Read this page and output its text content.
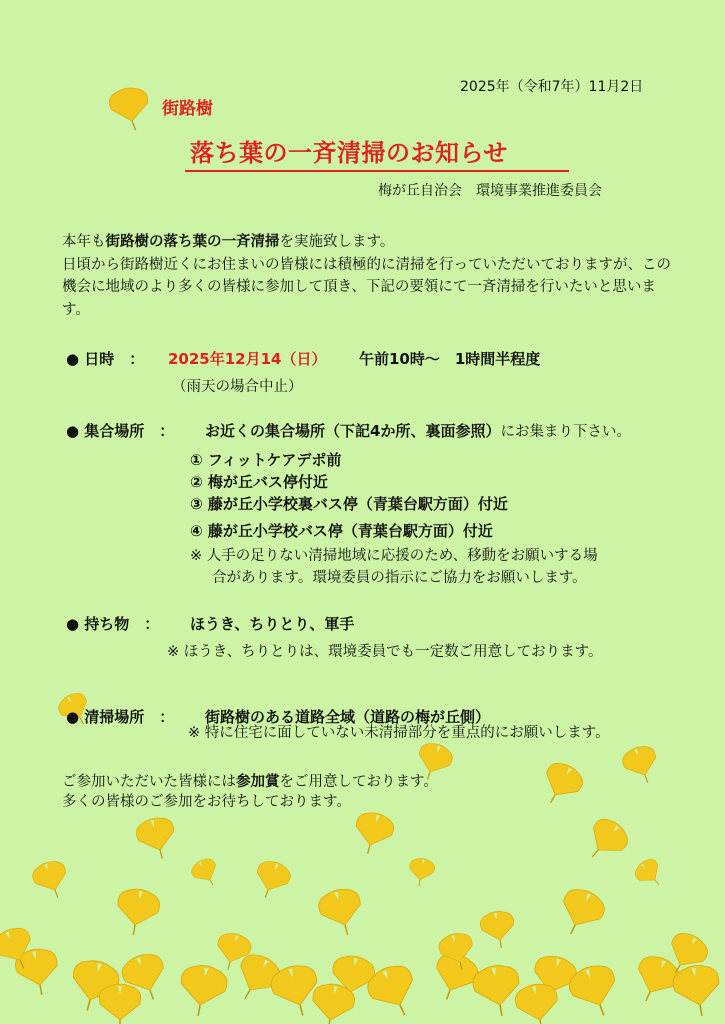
2025年（令和7年）11月2日
街路樹
落ち葉の一斉清掃のお知らせ
梅が丘自治会　環境事業推進委員会

本年も街路樹の落ち葉の一斉清掃を実施致します。

日頃から街路樹近くにお住まいの皆様には積極的に清掃を行っていただいておりますが、この機会に地域のより多くの皆様に参加して頂き、下記の要領にて一斉清掃を行いたいと思います。

● 日時　： 2025年12月14（日） 午前10時～　1時間半程度
（雨天の場合中止）
● 集合場所　： お近くの集合場所（下記4か所、裏面参照）にお集まり下さい。
① フィットケアデポ前
② 梅が丘バス停付近
③ 藤が丘小学校裏バス停（青葉台駅方面）付近
④ 藤が丘小学校バス停（青葉台駅方面）付近
※ 人手の足りない清掃地域に応援のため、移動をお願いする場
合があります。環境委員の指示にご協力をお願いします。
● 持ち物　： ほうき、ちりとり、軍手
※ ほうき、ちりとりは、環境委員でも一定数ご用意しております。
● 清掃場所　： 街路樹のある道路全域（道路の梅が丘側）
※ 特に住宅に面していない未清掃部分を重点的にお願いします。
ご参加いただいた皆様には参加賞をご用意しております。
多くの皆様のご参加をお待ちしております。
